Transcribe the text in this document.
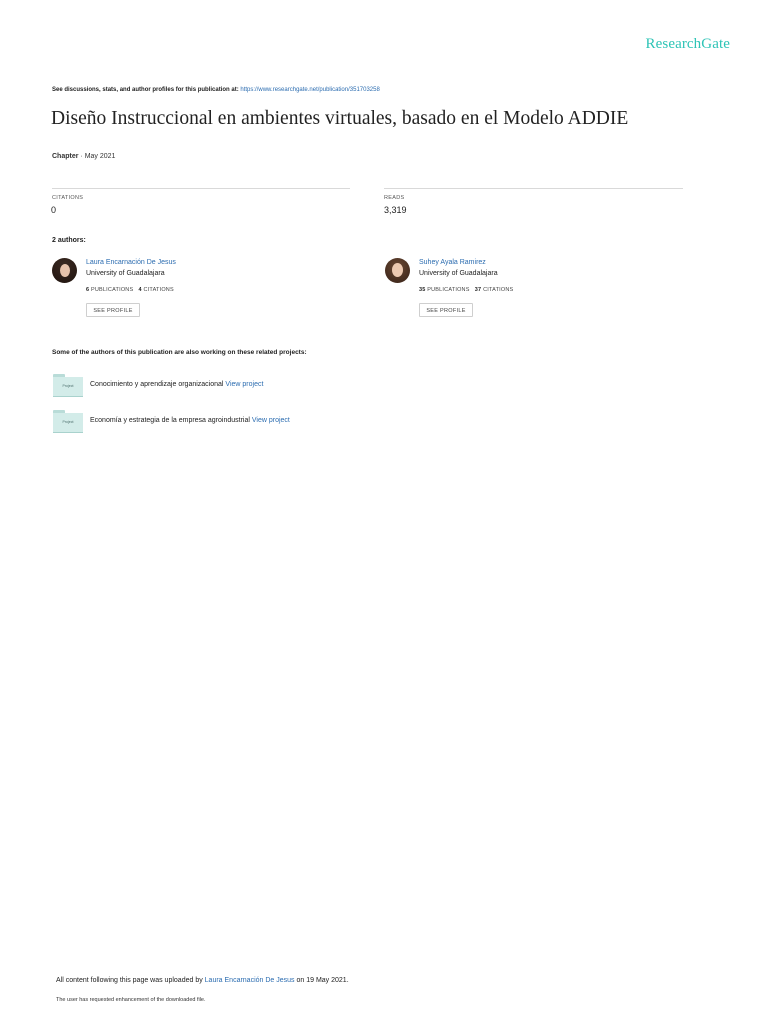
ResearchGate
See discussions, stats, and author profiles for this publication at: https://www.researchgate.net/publication/351703258
Diseño Instruccional en ambientes virtuales, basado en el Modelo ADDIE
Chapter · May 2021
CITATIONS
0
READS
3,319
2 authors:
Laura Encarnación De Jesus
University of Guadalajara
6 PUBLICATIONS 4 CITATIONS
SEE PROFILE
Suhey Ayala Ramirez
University of Guadalajara
35 PUBLICATIONS 37 CITATIONS
SEE PROFILE
Some of the authors of this publication are also working on these related projects:
Project	Conocimiento y aprendizaje organizacional View project
Project	Economía y estrategia de la empresa agroindustrial View project
All content following this page was uploaded by Laura Encarnación De Jesus on 19 May 2021.
The user has requested enhancement of the downloaded file.
